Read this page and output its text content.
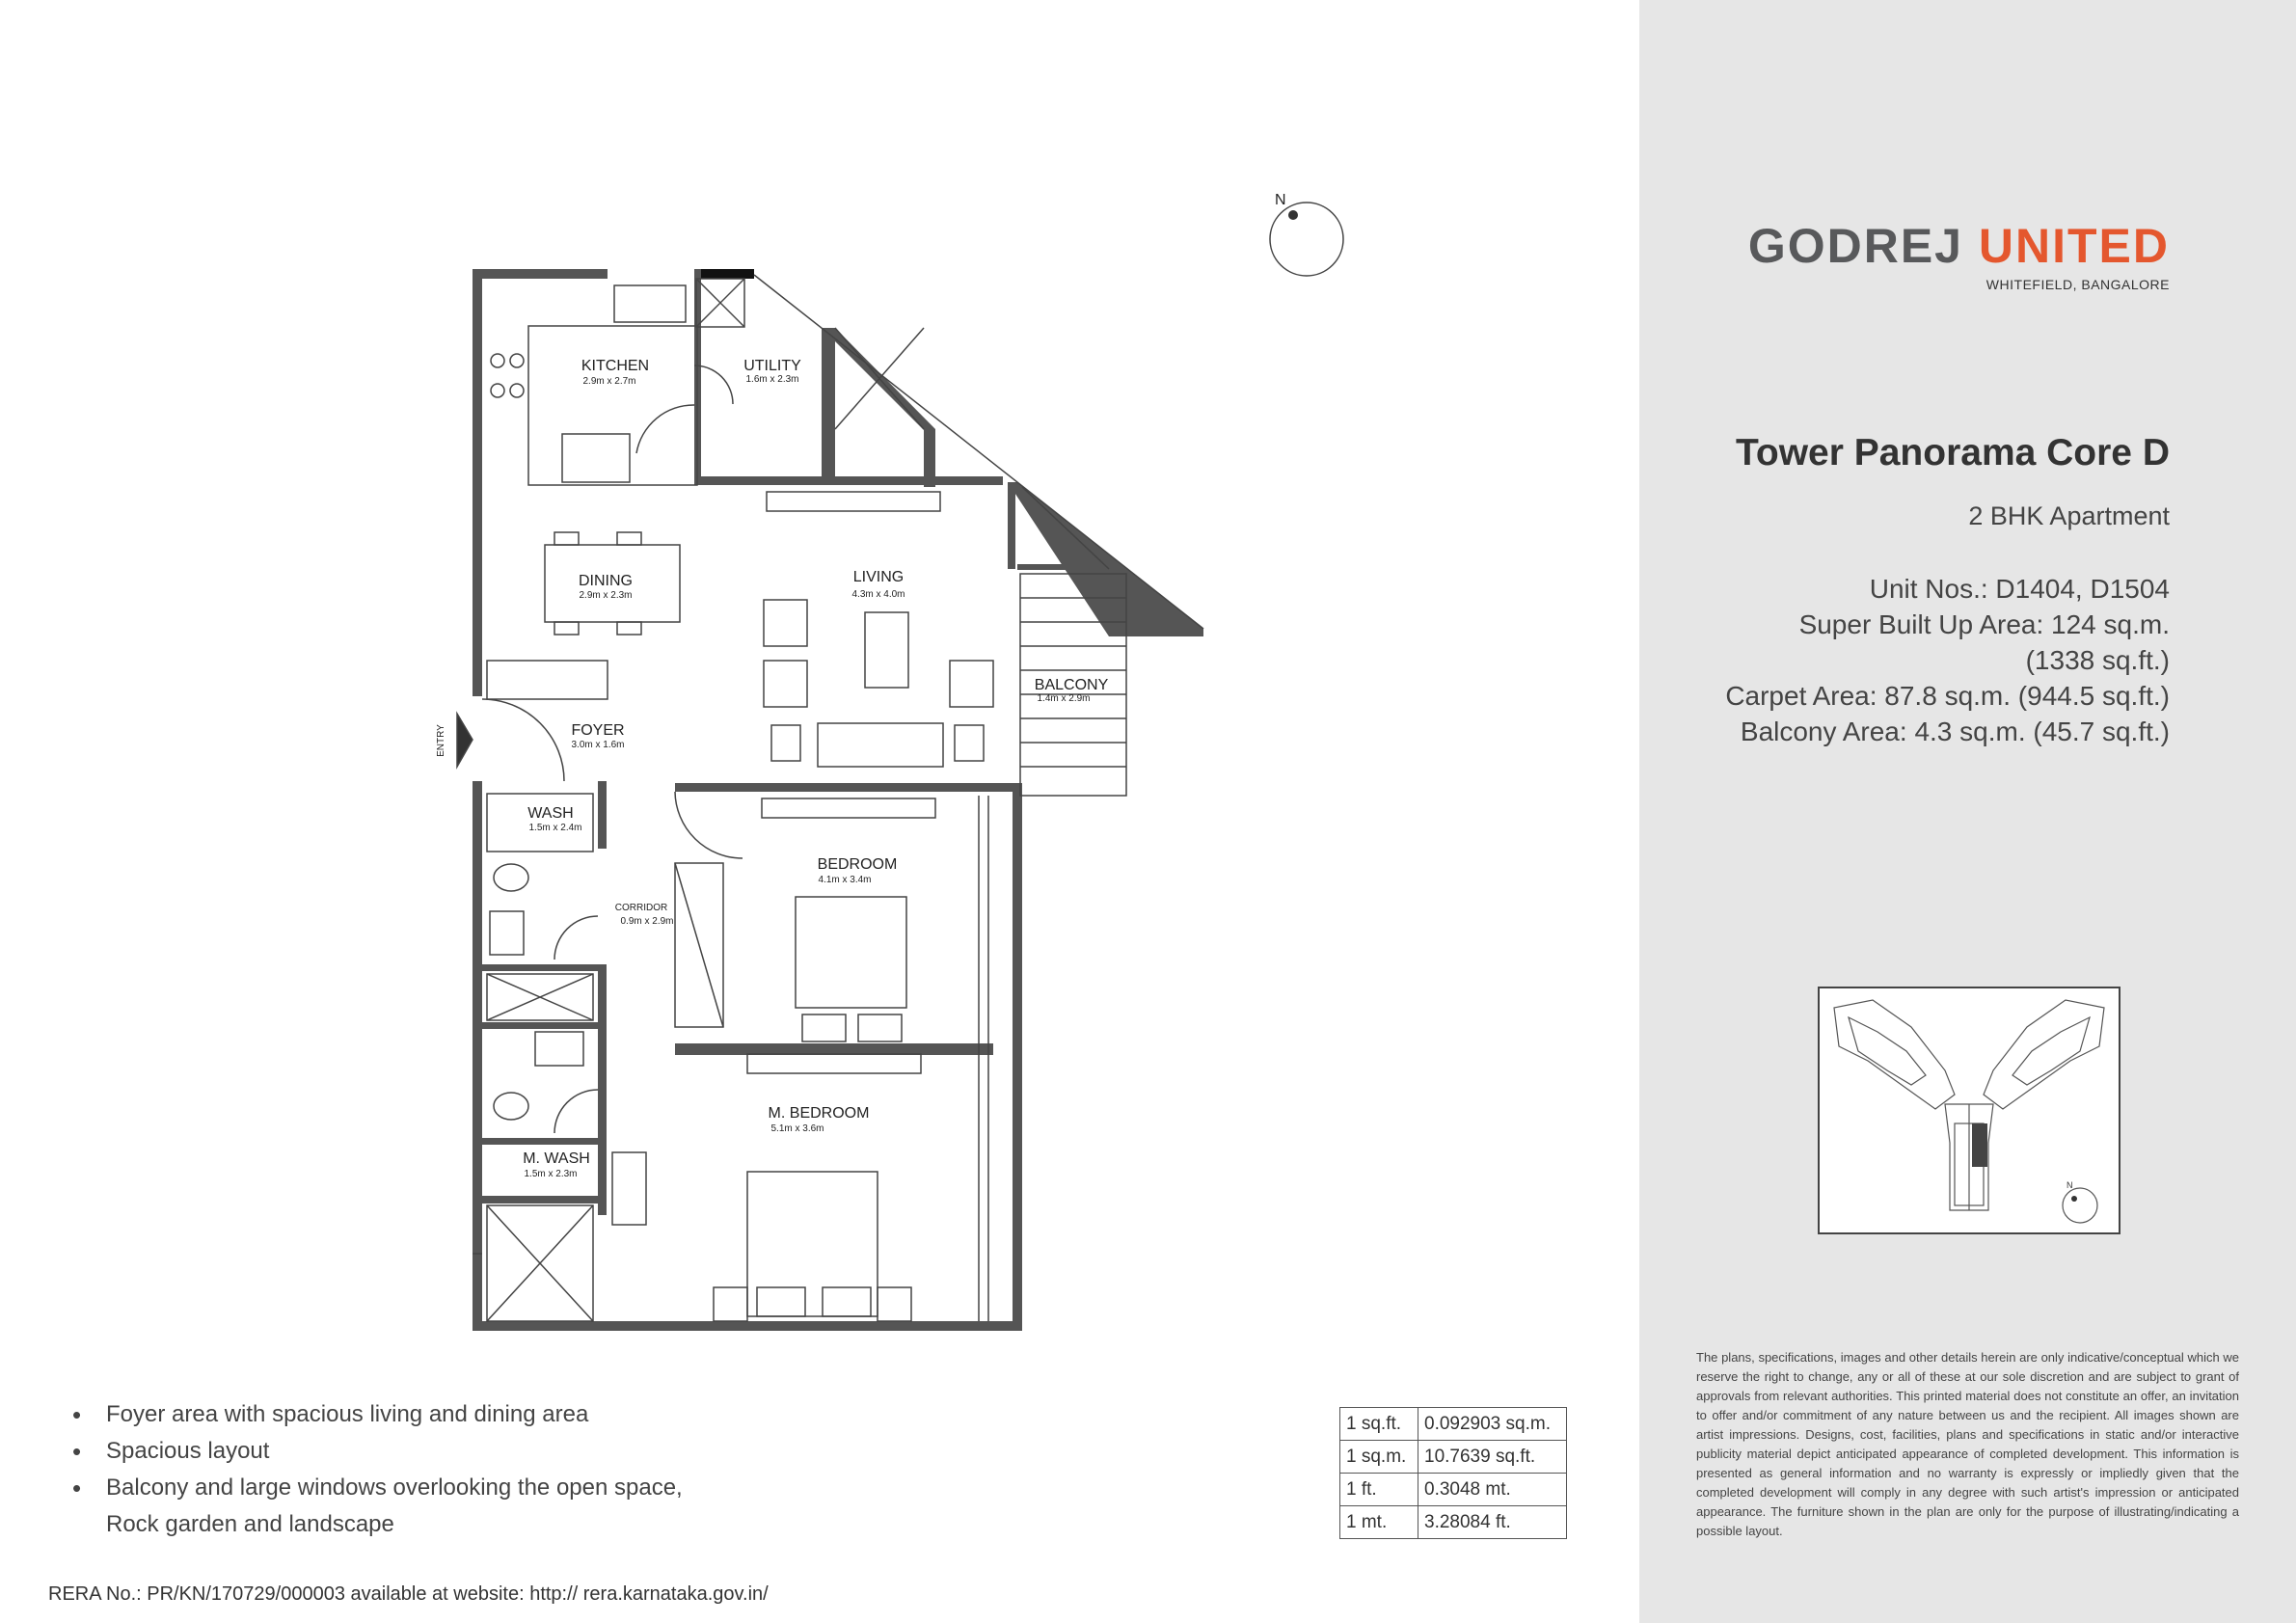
N
KITCHEN
2.9m x 2.7m
UTILITY
1.6m x 2.3m
DINING
2.9m x 2.3m
LIVING
4.3m x 4.0m
BALCONY
1.4m x 2.9m
FOYER
3.0m x 1.6m
WASH
1.5m x 2.4m
CORRIDOR
0.9m x 2.9m
BEDROOM
4.1m x 3.4m
M. BEDROOM
5.1m x 3.6m
M. WASH
1.5m x 2.3m
ENTRY
GODREJ UNITED
WHITEFIELD, BANGALORE
Tower Panorama Core D
2 BHK Apartment
Unit Nos.: D1404, D1504
Super Built Up Area: 124 sq.m.
(1338 sq.ft.)
Carpet Area: 87.8 sq.m. (944.5 sq.ft.)
Balcony Area: 4.3 sq.m. (45.7 sq.ft.)
N
• Foyer area with spacious living and dining area
• Spacious layout
• Balcony and large windows overlooking the open space,
Rock garden and landscape
1 sq.ft.	0.092903 sq.m.
1 sq.m.	10.7639 sq.ft.
1 ft.	0.3048 mt.
1 mt.	3.28084 ft.
RERA No.: PR/KN/170729/000003 available at website: http:// rera.karnataka.gov.in/
The plans, specifications, images and other details herein are only indicative/conceptual which we reserve the right to change, any or all of these at our sole discretion and are subject to grant of approvals from relevant authorities. This printed material does not constitute an offer, an invitation to offer and/or commitment of any nature between us and the recipient. All images shown are artist impressions. Designs, cost, facilities, plans and specifications in static and/or interactive publicity material depict anticipated appearance of completed development. This information is presented as general information and no warranty is expressly or impliedly given that the completed development will comply in any degree with such artist's impression or anticipated appearance. The furniture shown in the plan are only for the purpose of illustrating/indicating a possible layout.
